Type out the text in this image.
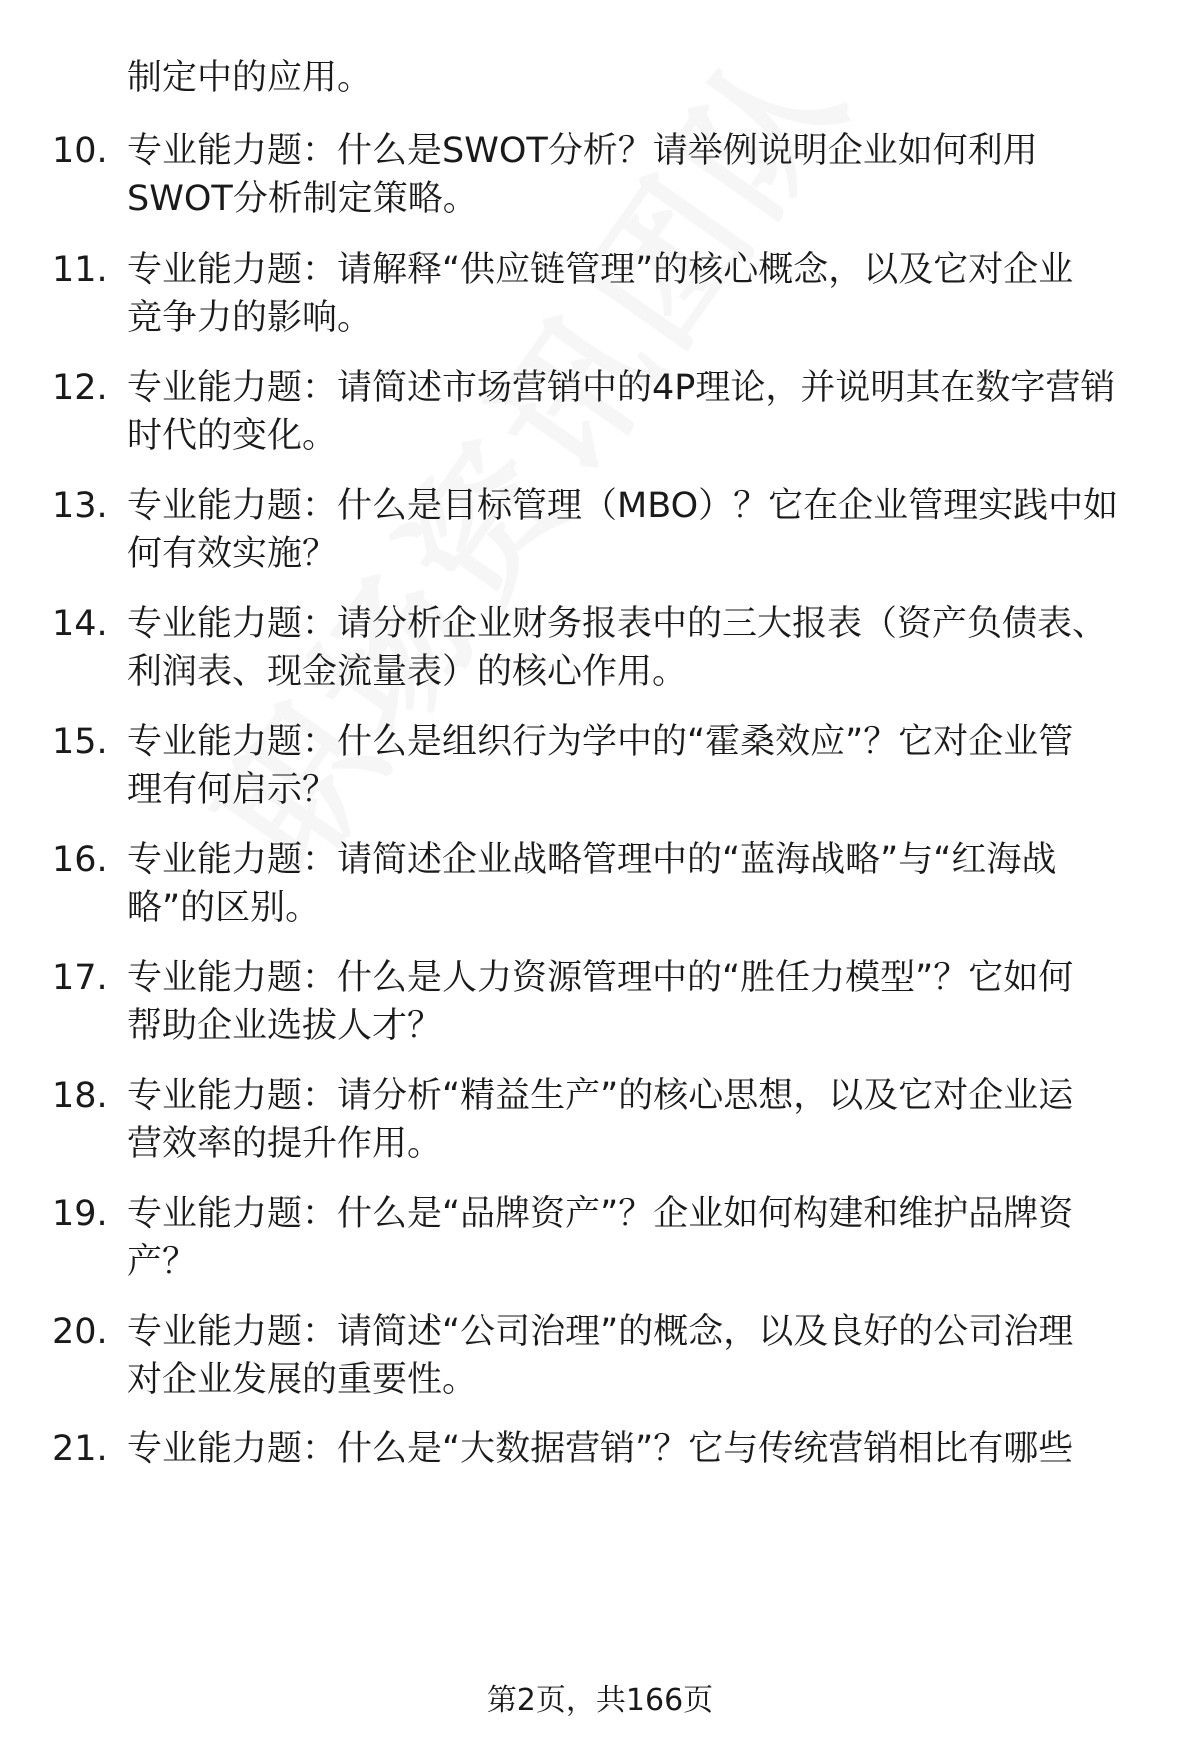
制定中的应用。
10. 专业能力题：什么是SWOT分析？请举例说明企业如何利用
SWOT分析制定策略。
11. 专业能力题：请解释“供应链管理”的核心概念，以及它对企业
竞争力的影响。
12. 专业能力题：请简述市场营销中的4P理论，并说明其在数字营销
时代的变化。
13. 专业能力题：什么是目标管理（MBO）？它在企业管理实践中如
何有效实施？
14. 专业能力题：请分析企业财务报表中的三大报表（资产负债表、
利润表、现金流量表）的核心作用。
15. 专业能力题：什么是组织行为学中的“霍桑效应”？它对企业管
理有何启示？
16. 专业能力题：请简述企业战略管理中的“蓝海战略”与“红海战
略”的区别。
17. 专业能力题：什么是人力资源管理中的“胜任力模型”？它如何
帮助企业选拔人才？
18. 专业能力题：请分析“精益生产”的核心思想，以及它对企业运
营效率的提升作用。
19. 专业能力题：什么是“品牌资产”？企业如何构建和维护品牌资
产？
20. 专业能力题：请简述“公司治理”的概念，以及良好的公司治理
对企业发展的重要性。
21. 专业能力题：什么是“大数据营销”？它与传统营销相比有哪些
第2页，共166页
